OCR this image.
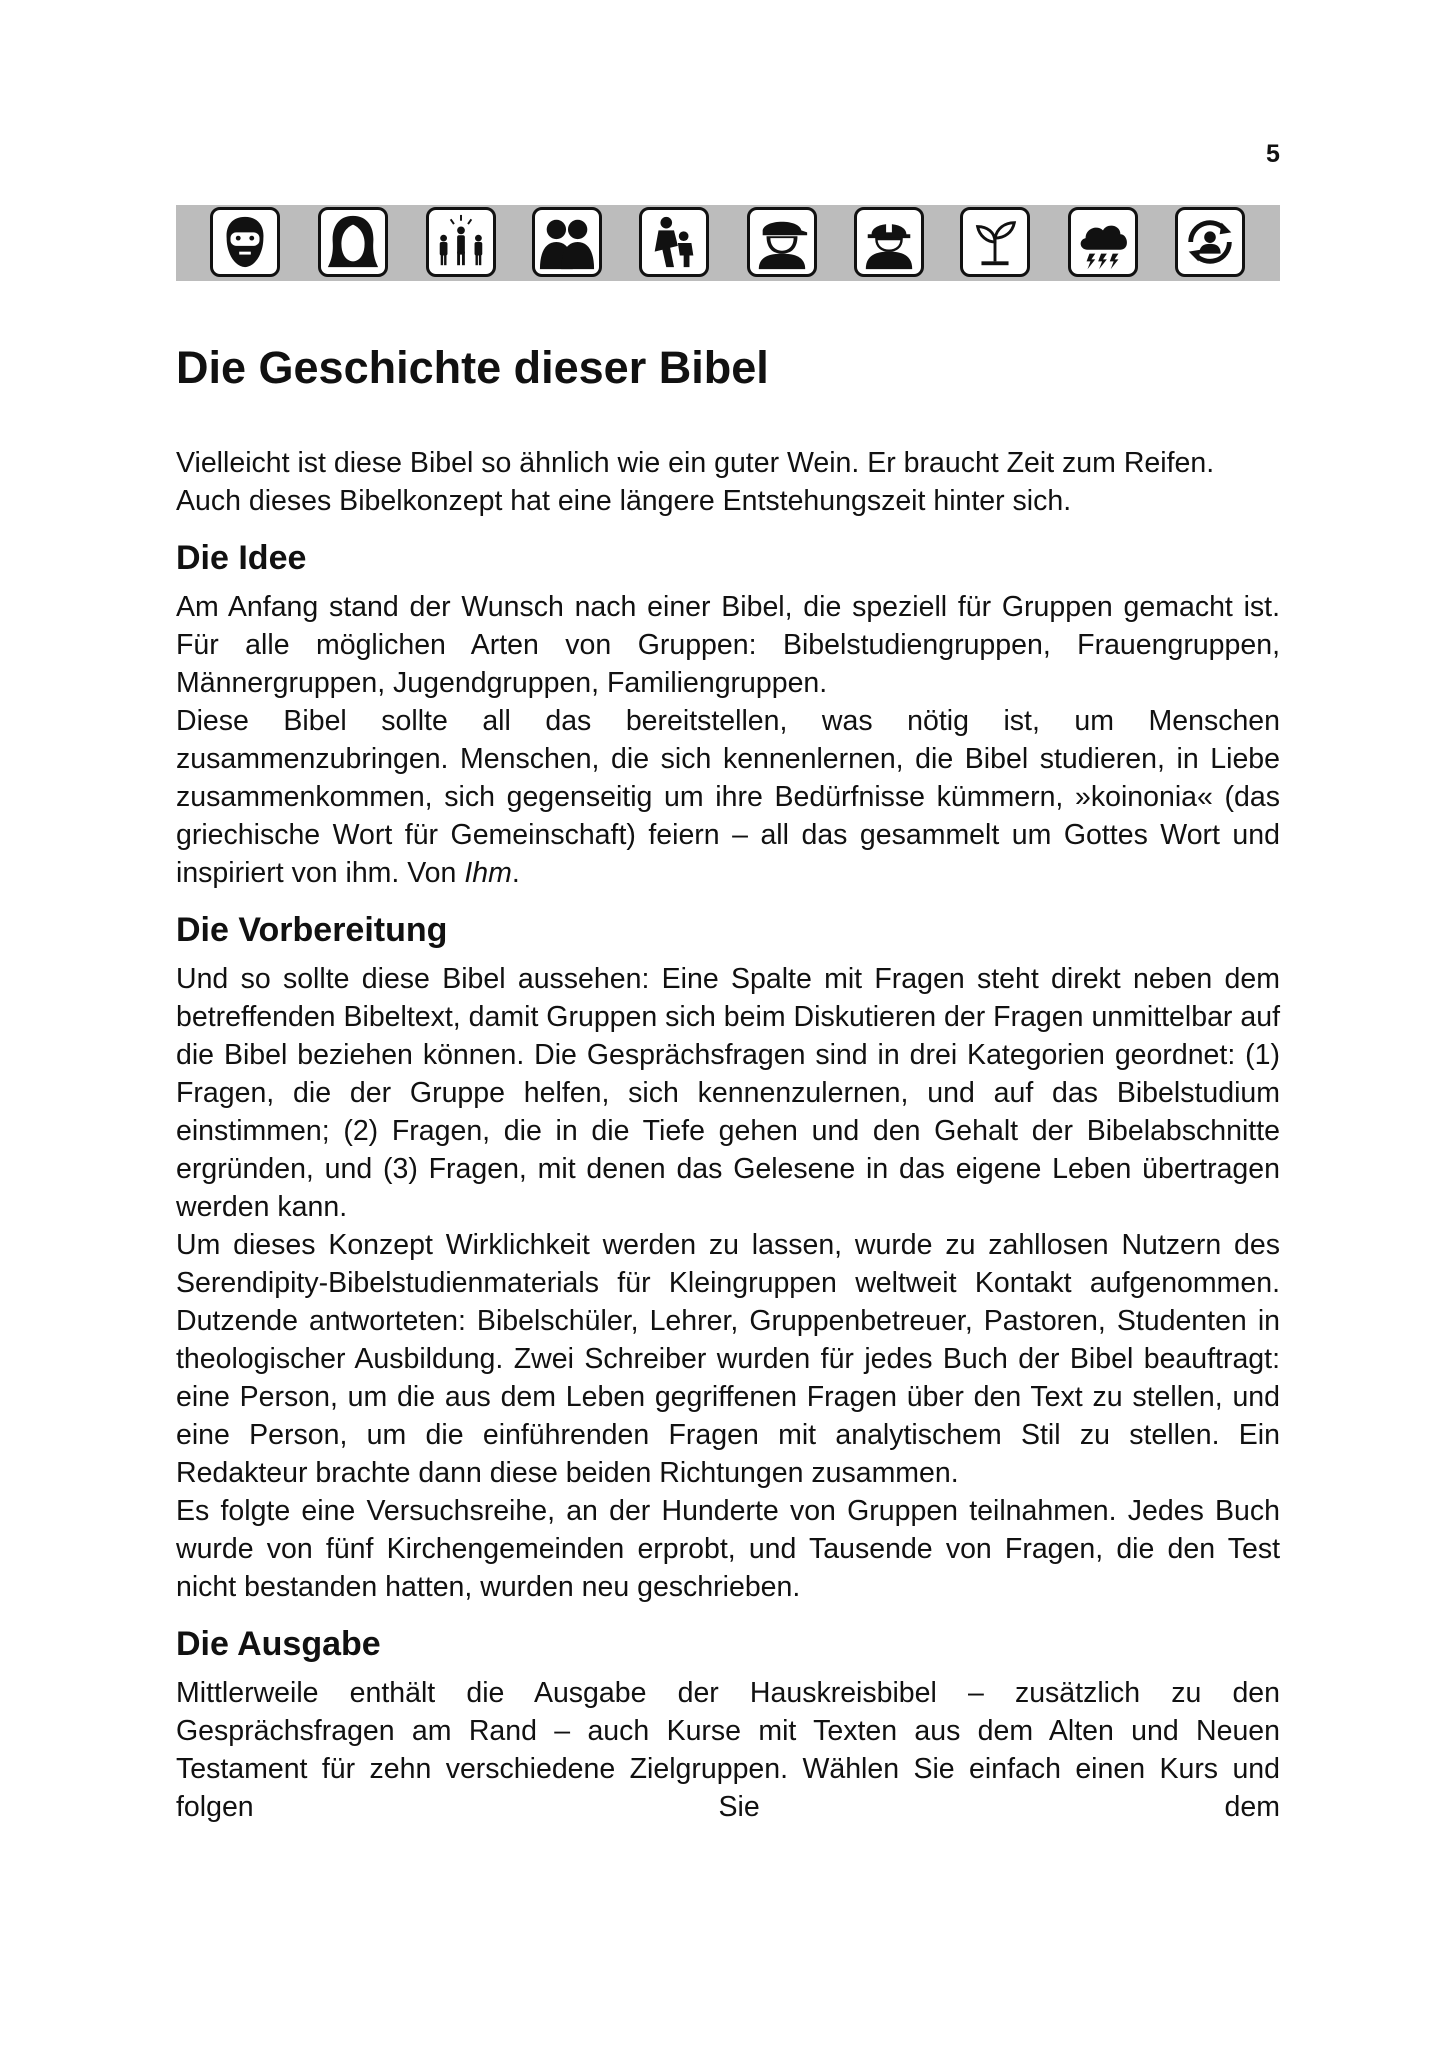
5
Die Geschichte dieser Bibel

Vielleicht ist diese Bibel so ähnlich wie ein guter Wein. Er braucht Zeit zum Reifen.

Auch dieses Bibelkonzept hat eine längere Entstehungszeit hinter sich.

Die Idee

Am Anfang stand der Wunsch nach einer Bibel, die speziell für Gruppen gemacht ist. Für alle möglichen Arten von Gruppen: Bibelstudiengruppen, Frauengruppen, Männergruppen, Jugendgruppen, Familiengruppen.

Diese Bibel sollte all das bereitstellen, was nötig ist, um Menschen zusammenzubringen. Menschen, die sich kennenlernen, die Bibel studieren, in Liebe zusammenkommen, sich gegenseitig um ihre Bedürfnisse kümmern, »koinonia« (das griechische Wort für Gemeinschaft) feiern – all das gesammelt um Gottes Wort und inspiriert von ihm. Von Ihm.

Die Vorbereitung

Und so sollte diese Bibel aussehen: Eine Spalte mit Fragen steht direkt neben dem betreffenden Bibeltext, damit Gruppen sich beim Diskutieren der Fragen unmittelbar auf die Bibel beziehen können. Die Gesprächsfragen sind in drei Kategorien geordnet: (1) Fragen, die der Gruppe helfen, sich kennenzulernen, und auf das Bibelstudium einstimmen; (2) Fragen, die in die Tiefe gehen und den Gehalt der Bibelabschnitte ergründen, und (3) Fragen, mit denen das Gelesene in das eigene Leben übertragen werden kann.

Um dieses Konzept Wirklichkeit werden zu lassen, wurde zu zahllosen Nutzern des Serendipity-Bibelstudienmaterials für Kleingruppen weltweit Kontakt aufgenommen. Dutzende antworteten: Bibelschüler, Lehrer, Gruppenbetreuer, Pastoren, Studenten in theologischer Ausbildung. Zwei Schreiber wurden für jedes Buch der Bibel beauftragt: eine Person, um die aus dem Leben gegriffenen Fragen über den Text zu stellen, und eine Person, um die einführenden Fragen mit analytischem Stil zu stellen. Ein Redakteur brachte dann diese beiden Richtungen zusammen.

Es folgte eine Versuchsreihe, an der Hunderte von Gruppen teilnahmen. Jedes Buch wurde von fünf Kirchengemeinden erprobt, und Tausende von Fragen, die den Test nicht bestanden hatten, wurden neu geschrieben.

Die Ausgabe

Mittlerweile enthält die Ausgabe der Hauskreisbibel – zusätzlich zu den Gesprächsfragen am Rand – auch Kurse mit Texten aus dem Alten und Neuen Testament für zehn verschiedene Zielgruppen. Wählen Sie einfach einen Kurs und folgen Sie dem
